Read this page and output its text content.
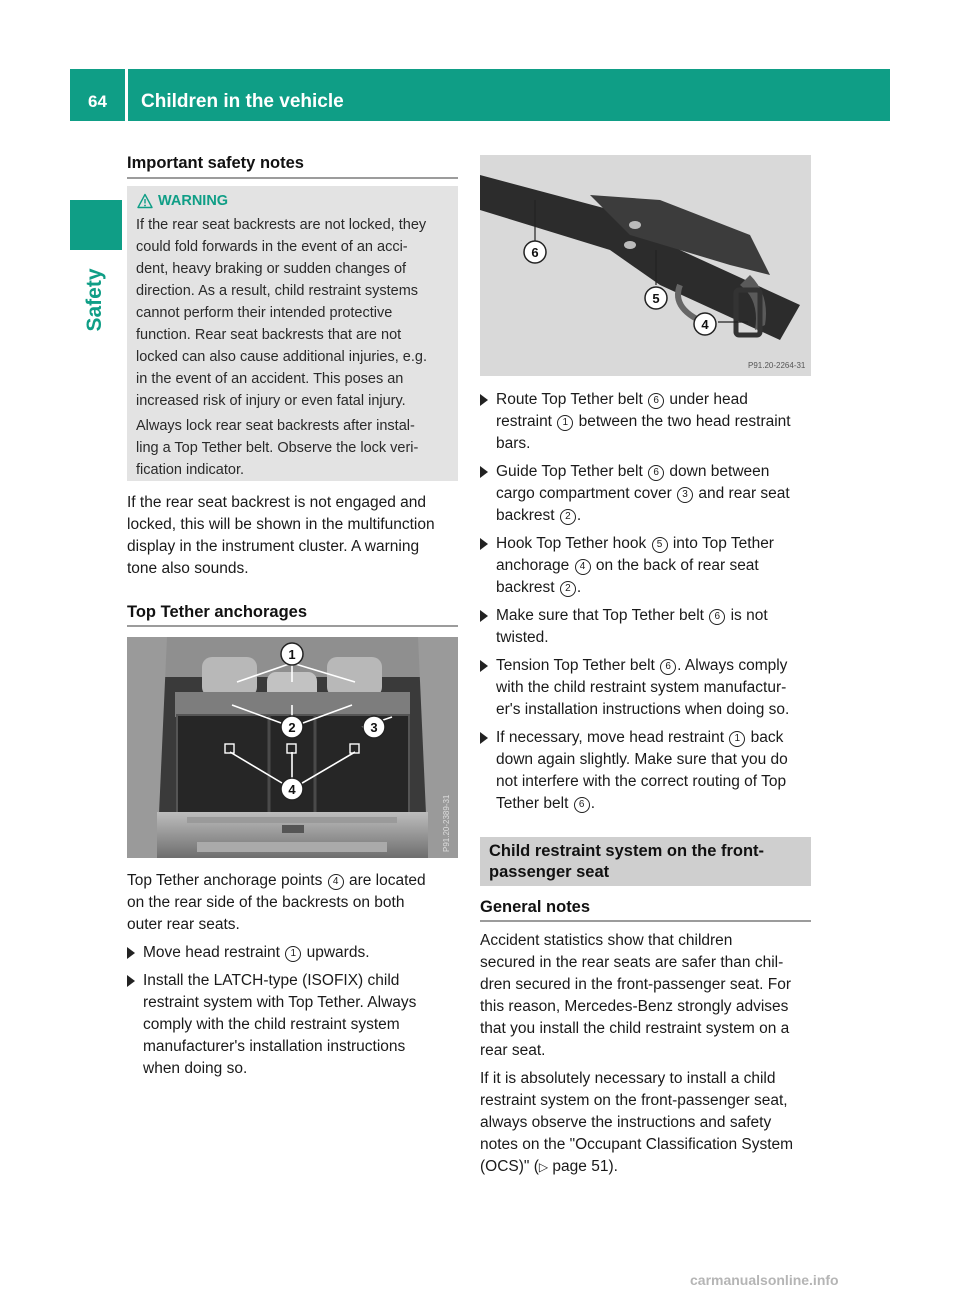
64	Children in the vehicle
Safety
Important safety notes
WARNING
If the rear seat backrests are not locked, they
could fold forwards in the event of an acci-
dent, heavy braking or sudden changes of
direction. As a result, child restraint systems
cannot perform their intended protective
function. Rear seat backrests that are not
locked can also cause additional injuries, e.g.
in the event of an accident. This poses an
increased risk of injury or even fatal injury.
Always lock rear seat backrests after instal-
ling a Top Tether belt. Observe the lock veri-
fication indicator.
If the rear seat backrest is not engaged and
locked, this will be shown in the multifunction
display in the instrument cluster. A warning
tone also sounds.
Top Tether anchorages
1
2	3
4
P91.20-2389-31
Top Tether anchorage points 4 are located
on the rear side of the backrests on both
outer rear seats.
Move head restraint 1 upwards.
Install the LATCH-type (ISOFIX) child
restraint system with Top Tether. Always
comply with the child restraint system
manufacturer's installation instructions
when doing so.
6
5
4
P91.20-2264-31
Route Top Tether belt 6 under head
restraint 1 between the two head restraint
bars.
Guide Top Tether belt 6 down between
cargo compartment cover 3 and rear seat
backrest 2 .
Hook Top Tether hook 5 into Top Tether
anchorage 4 on the back of rear seat
backrest 2 .
Make sure that Top Tether belt 6 is not
twisted.
Tension Top Tether belt 6 . Always comply
with the child restraint system manufactur-
er's installation instructions when doing so.
If necessary, move head restraint 1 back
down again slightly. Make sure that you do
not interfere with the correct routing of Top
Tether belt 6 .
Child restraint system on the front-
passenger seat
General notes
Accident statistics show that children
secured in the rear seats are safer than chil-
dren secured in the front-passenger seat. For
this reason, Mercedes-Benz strongly advises
that you install the child restraint system on a
rear seat.
If it is absolutely necessary to install a child
restraint system on the front-passenger seat,
always observe the instructions and safety
notes on the "Occupant Classification System
(OCS)" (▷ page 51).
carmanualsonline.info
